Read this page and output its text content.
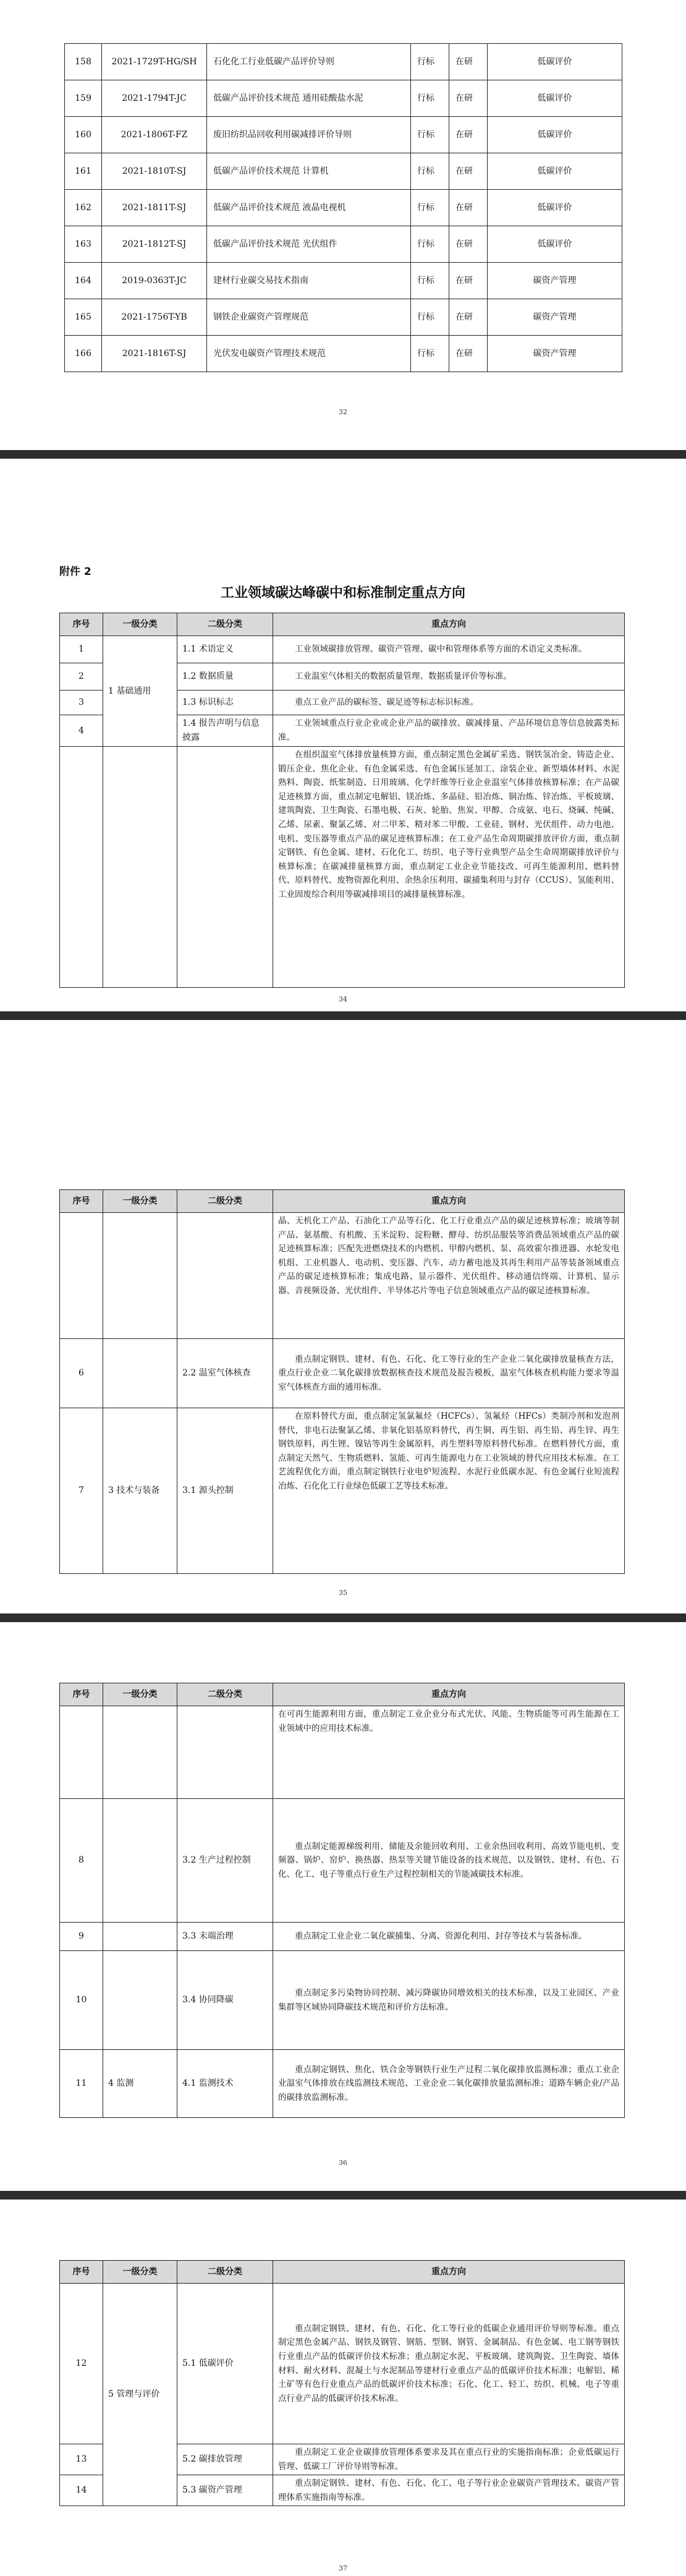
158	2021-1729T-HG/SH	石化化工行业低碳产品评价导则	行标	在研	低碳评价
159	2021-1794T-JC	低碳产品评价技术规范 通用硅酸盐水泥	行标	在研	低碳评价
160	2021-1806T-FZ	废旧纺织品回收利用碳减排评价导则	行标	在研	低碳评价
161	2021-1810T-SJ	低碳产品评价技术规范 计算机	行标	在研	低碳评价
162	2021-1811T-SJ	低碳产品评价技术规范 液晶电视机	行标	在研	低碳评价
163	2021-1812T-SJ	低碳产品评价技术规范 光伏组件	行标	在研	低碳评价
164	2019-0363T-JC	建材行业碳交易技术指南	行标	在研	碳资产管理
165	2021-1756T-YB	钢铁企业碳资产管理规范	行标	在研	碳资产管理
166	2021-1816T-SJ	光伏发电碳资产管理技术规范	行标	在研	碳资产管理
32
附件 2
工业领域碳达峰碳中和标准制定重点方向
序号	一级分类	二级分类	重点方向
1	1 基础通用	1.1 术语定义	工业领域碳排放管理、碳资产管理、碳中和管理体系等方面的术语定义类标准。
2		1.2 数据质量	工业温室气体相关的数据质量管理、数据质量评价等标准。
3		1.3 标识标志	重点工业产品的碳标签、碳足迹等标志标识标准。
4		1.4 报告声明与信息披露	工业领域重点行业企业或企业产品的碳排放、碳减排量、产品环境信息等信息披露类标准。
			在组织温室气体排放量核算方面，重点制定黑色金属矿采选、钢铁氢冶金、铸造企业、锻压企业、焦化企业、有色金属采选、有色金属压延加工、涂装企业、新型墙体材料、水泥熟料、陶瓷、纸浆制造、日用玻璃、化学纤维等行业企业温室气体排放核算标准；在产品碳足迹核算方面，重点制定电解铝、镁冶炼、多晶硅、铅冶炼、铜冶炼、锌冶炼、平板玻璃、建筑陶瓷、卫生陶瓷、石墨电极、石灰、轮胎、焦炭、甲醇、合成氨、电石、烧碱、纯碱、乙烯、尿素、聚氯乙烯、对二甲苯、精对苯二甲酸、工业硅、钢材、光伏组件、动力电池、电机、变压器等重点产品的碳足迹核算标准；在工业产品生命周期碳排放评价方面，重点制定钢铁、有色金属、建材、石化化工、纺织、电子等行业典型产品全生命周期碳排放评价与核算标准；在碳减排量核算方面，重点制定工业企业节能技改、可再生能源利用、燃料替代、原料替代、废物资源化利用、余热余压利用、碳捕集利用与封存（CCUS）、氢能利用、工业固废综合利用等碳减排项目的减排量核算标准。
34
序号	一级分类	二级分类	重点方向
			晶、无机化工产品、石油化工产品等石化、化工行业重点产品的碳足迹核算标准；玻璃等制产品、氨基酸、有机酸、玉米淀粉、淀粉糖、酵母、纺织品服装等消费品领域重点产品的碳足迹核算标准；匹配先进燃烧技术的内燃机、甲醇内燃机、泵、高效霍尔推进器、水轮发电机组、工业机器人、电动机、变压器、汽车、动力蓄电池及其再生利用产品等装备领域重点产品的碳足迹核算标准；集成电路、显示器件、光伏组件、移动通信终端、计算机、显示器、音视频设备、光伏组件、半导体芯片等电子信息领域重点产品的碳足迹核算标准。
6		2.2 温室气体核查	重点制定钢铁、建材、有色、石化、化工等行业的生产企业二氧化碳排放量核查方法，重点行业企业二氧化碳排放数据核查技术规范及报告模板，温室气体核查机构能力要求等温室气体核查方面的通用标准。
7	3 技术与装备	3.1 源头控制	在原料替代方面，重点制定氢氯氟烃（HCFCs）、氢氟烃（HFCs）类制冷剂和发泡剂替代，非电石法聚氯乙烯、非氧化铝基原料替代，再生铜、再生铝、再生铅、再生锌、再生钢铁原料，再生锂、镍钴等再生金属原料，再生塑料等原料替代标准。在燃料替代方面，重点制定天然气、生物质燃料、氢能、可再生能源电力在工业领域的替代应用技术标准。在工艺流程优化方面，重点制定钢铁行业电炉短流程、水泥行业低碳水泥、有色金属行业短流程冶炼、石化化工行业绿色低碳工艺等技术标准。
35
序号	一级分类	二级分类	重点方向
			在可再生能源利用方面，重点制定工业企业分布式光伏、风能、生物质能等可再生能源在工业领域中的应用技术标准。
8		3.2 生产过程控制	重点制定能源梯级利用、储能及余能回收利用、工业余热回收利用、高效节能电机、变频器、锅炉、窑炉、换热器、热泵等关键节能设备的技术规范，以及钢铁、建材、有色、石化、化工、电子等重点行业生产过程控制相关的节能减碳技术标准。
9		3.3 末端治理	重点制定工业企业二氧化碳捕集、分离、资源化利用、封存等技术与装备标准。
10		3.4 协同降碳	重点制定多污染物协同控制、减污降碳协同增效相关的技术标准，以及工业园区、产业集群等区域协同降碳技术规范和评价方法标准。
11	4 监测	4.1 监测技术	重点制定钢铁、焦化、铁合金等钢铁行业生产过程二氧化碳排放监测标准；重点工业企业温室气体排放在线监测技术规范、工业企业二氧化碳排放量监测标准；道路车辆企业/产品的碳排放监测标准。
36
序号	一级分类	二级分类	重点方向
12	5 管理与评价	5.1 低碳评价	重点制定钢铁、建材、有色、石化、化工等行业的低碳企业通用评价导则等标准。重点制定黑色金属产品、钢铁及钢管、钢筋、型钢、钢管、金属制品、有色金属、电工钢等钢铁行业重点产品的低碳评价技术标准；重点制定水泥、平板玻璃、建筑陶瓷、卫生陶瓷、墙体材料、耐火材料、混凝土与水泥制品等建材行业重点产品的低碳评价技术标准；电解铝、稀土矿等有色行业重点产品的低碳评价技术标准；石化、化工、轻工、纺织、机械、电子等重点行业产品的低碳评价技术标准。
13		5.2 碳排放管理	重点制定工业企业碳排放管理体系要求及其在重点行业的实施指南标准；企业低碳运行管理、低碳工厂评价导则等标准。
14		5.3 碳资产管理	重点制定钢铁、建材、有色、石化、化工、电子等行业企业碳资产管理技术、碳资产管理体系实施指南等标准。
37
